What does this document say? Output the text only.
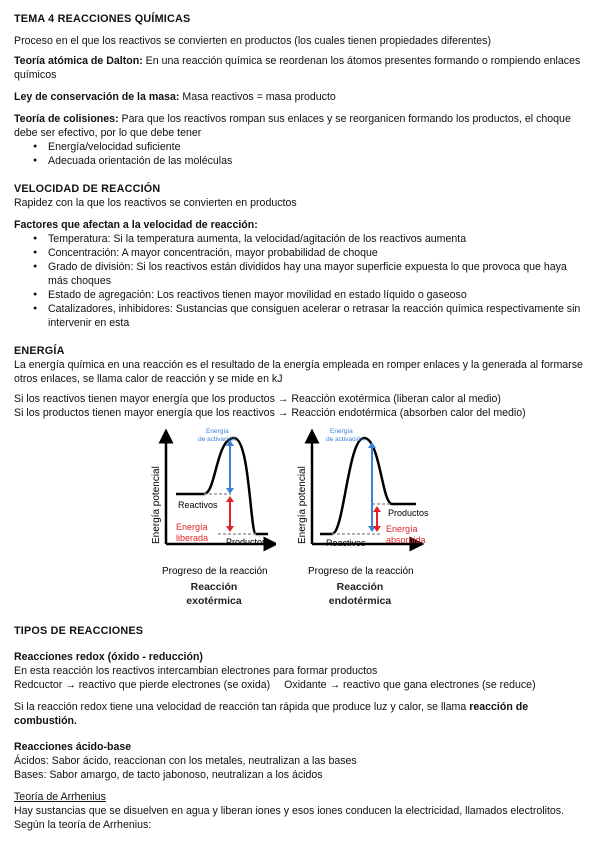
TEMA 4 REACCIONES QUÍMICAS

Proceso en el que los reactivos se convierten en productos (los cuales tienen propiedades diferentes)

Teoría atómica de Dalton: En una reacción química se reordenan los átomos presentes formando o rompiendo enlaces químicos

Ley de conservación de la masa: Masa reactivos = masa producto

Teoría de colisiones: Para que los reactivos rompan sus enlaces y se reorganicen formando los productos, el choque debe ser efectivo, por lo que debe tener

● Energía/velocidad suficiente
● Adecuada orientación de las moléculas
VELOCIDAD DE REACCIÓN

Rapidez con la que los reactivos se convierten en productos

Factores que afectan a la velocidad de reacción:

● Temperatura: Si la temperatura aumenta, la velocidad/agitación de los reactivos aumenta
● Concentración: A mayor concentración, mayor probabilidad de choque
● Grado de división: Si los reactivos están divididos hay una mayor superficie expuesta lo que provoca que haya más choques
● Estado de agregación: Los reactivos tienen mayor movilidad en estado líquido o gaseoso
● Catalizadores, inhibidores: Sustancias que consiguen acelerar o retrasar la reacción química respectivamente sin intervenir en esta
ENERGÍA

La energía química en una reacción es el resultado de la energía empleada en romper enlaces y la generada al formarse otros enlaces, se llama calor de reacción y se mide en kJ

Si los reactivos tienen mayor energía que los productos → Reacción exotérmica (liberan calor al medio)

Si los productos tienen mayor energía que los reactivos → Reacción endotérmica (absorben calor del medio)

Energía potencial
Progreso de la reacción
Energía de activación
Reactivos
Energía liberada Productos
Reacción exotérmica
Energía potencial
Progreso de la reacción
Energía de activación
Reactivos
Productos
Energía absorbida
Reacción endotérmica
TIPOS DE REACCIONES

Reacciones redox (óxido - reducción)

En esta reacción los reactivos intercambian electrones para formar productos

Redcuctor → reactivo que pierde electrones (se oxida) Oxidante → reactivo que gana electrones (se reduce)

Si la reacción redox tiene una velocidad de reacción tan rápida que produce luz y calor, se llama reacción de combustión.

Reacciones ácido-base

Ácidos: Sabor ácido, reaccionan con los metales, neutralizan a las bases

Bases: Sabor amargo, de tacto jabonoso, neutralizan a los ácidos

Teoría de Arrhenius

Hay sustancias que se disuelven en agua y liberan iones y esos iones conducen la electricidad, llamados electrolitos. Según la teoría de Arrhenius:
